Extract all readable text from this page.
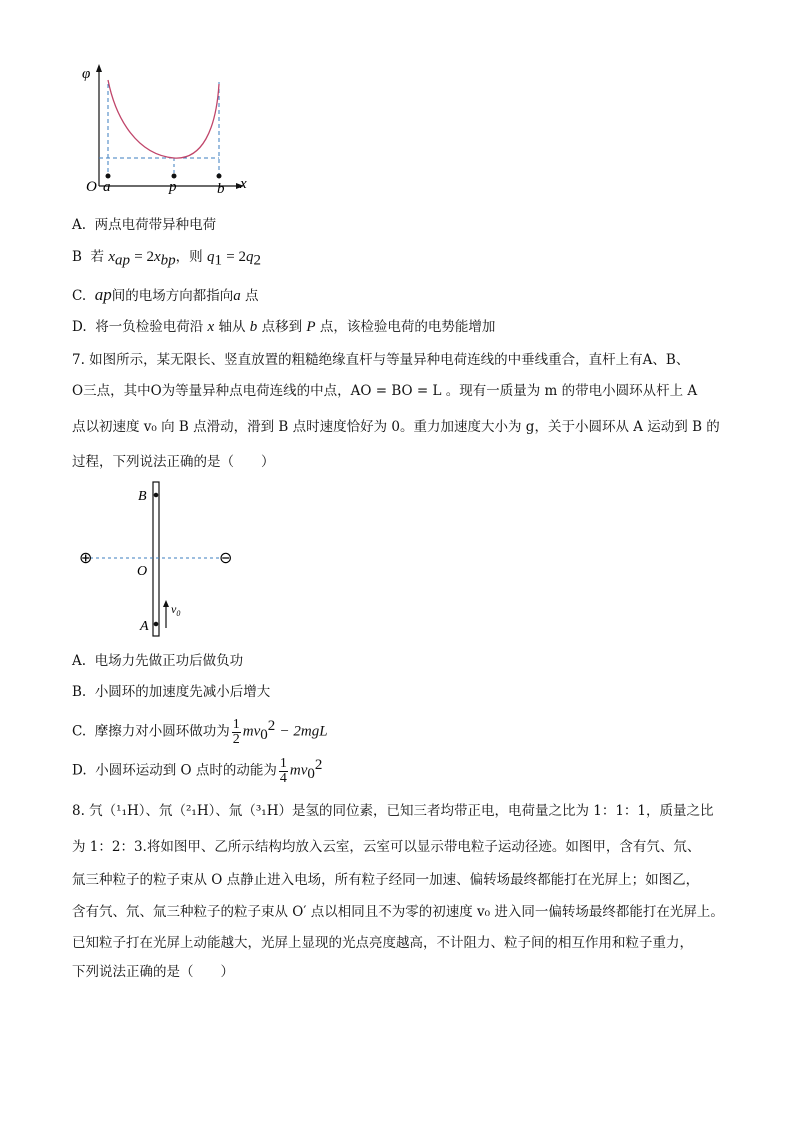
φ
O a	p	b x
A. 两点电荷带异种电荷
B 若 $x_{ap} = 2x_{bp}$，则 $q_1 = 2q_2$
C. ap间的电场方向都指向a 点
D. 将一负检验电荷沿 x 轴从 b 点移到 P 点，该检验电荷的电势能增加
7. 如图所示，某无限长、竖直放置的粗糙绝缘直杆与等量异种电荷连线的中垂线重合，直杆上有A、B、
O三点，其中O为等量异种点电荷连线的中点，AO = BO = L 。现有一质量为 m 的带电小圆环从杆上 A
点以初速度 v₀ 向 B 点滑动，滑到 B 点时速度恰好为 0。重力加速度大小为 g，关于小圆环从 A 运动到 B 的
过程，下列说法正确的是（　　）
⊕	⊖
B
O
A
$v_0$
A. 电场力先做正功后做负功
B. 小圆环的加速度先减小后增大
C. 摩擦力对小圆环做功为 $\frac{1}{2} mv_0^2 - 2mgL$
D. 小圆环运动到 O 点时的动能为 $\frac{1}{4} mv_0^2$
8. 氕（¹₁H）、氘（²₁H）、氚（³₁H）是氢的同位素，已知三者均带正电，电荷量之比为 1：1：1，质量之比
为 1：2：3.将如图甲、乙所示结构均放入云室，云室可以显示带电粒子运动径迹。如图甲，含有氕、氘、
氚三种粒子的粒子束从 O 点静止进入电场，所有粒子经同一加速、偏转场最终都能打在光屏上；如图乙，
含有氕、氘、氚三种粒子的粒子束从 O′ 点以相同且不为零的初速度 v₀ 进入同一偏转场最终都能打在光屏上。
已知粒子打在光屏上动能越大，光屏上显现的光点亮度越高，不计阻力、粒子间的相互作用和粒子重力，
下列说法正确的是（　　）
